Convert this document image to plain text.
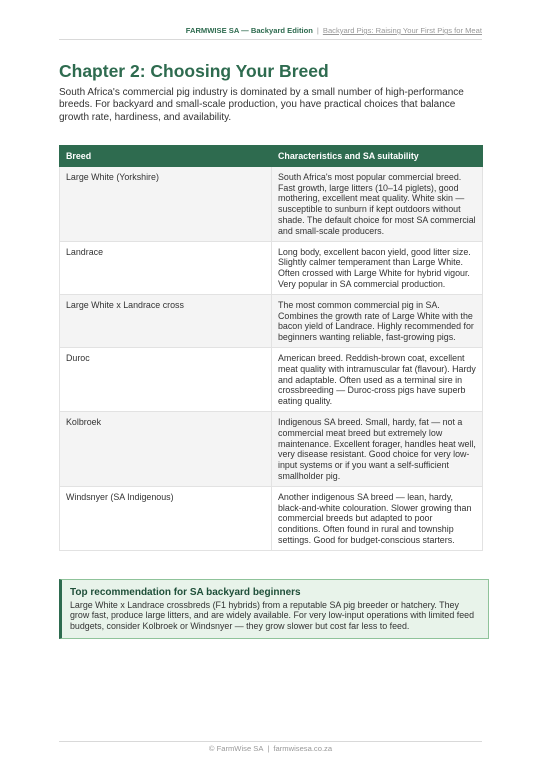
FARMWISE SA — Backyard Edition | Backyard Pigs: Raising Your First Pigs for Meat
Chapter 2: Choosing Your Breed

South Africa's commercial pig industry is dominated by a small number of high-performance breeds. For backyard and small-scale production, you have practical choices that balance growth rate, hardiness, and availability.

Breed	Characteristics and SA suitability
Large White (Yorkshire)	South Africa's most popular commercial breed. Fast growth, large litters (10–14 piglets), good mothering, excellent meat quality. White skin — susceptible to sunburn if kept outdoors without shade. The default choice for most SA commercial and small-scale producers.
Landrace	Long body, excellent bacon yield, good litter size. Slightly calmer temperament than Large White. Often crossed with Large White for hybrid vigour. Very popular in SA commercial production.
Large White x Landrace cross	The most common commercial pig in SA. Combines the growth rate of Large White with the bacon yield of Landrace. Highly recommended for beginners wanting reliable, fast-growing pigs.
Duroc	American breed. Reddish-brown coat, excellent meat quality with intramuscular fat (flavour). Hardy and adaptable. Often used as a terminal sire in crossbreeding — Duroc-cross pigs have superb eating quality.
Kolbroek	Indigenous SA breed. Small, hardy, fat — not a commercial meat breed but extremely low maintenance. Excellent forager, handles heat well, very disease resistant. Good choice for very low-input systems or if you want a self-sufficient smallholder pig.
Windsnyer (SA Indigenous)	Another indigenous SA breed — lean, hardy, black-and-white colouration. Slower growing than commercial breeds but adapted to poor conditions. Often found in rural and township settings. Good for budget-conscious starters.
Top recommendation for SA backyard beginners
Large White x Landrace crossbreds (F1 hybrids) from a reputable SA pig breeder or hatchery. They grow fast, produce large litters, and are widely available. For very low-input operations with limited feed budgets, consider Kolbroek or Windsnyer — they grow slower but cost far less to feed.
© FarmWise SA | farmwisesa.co.za
